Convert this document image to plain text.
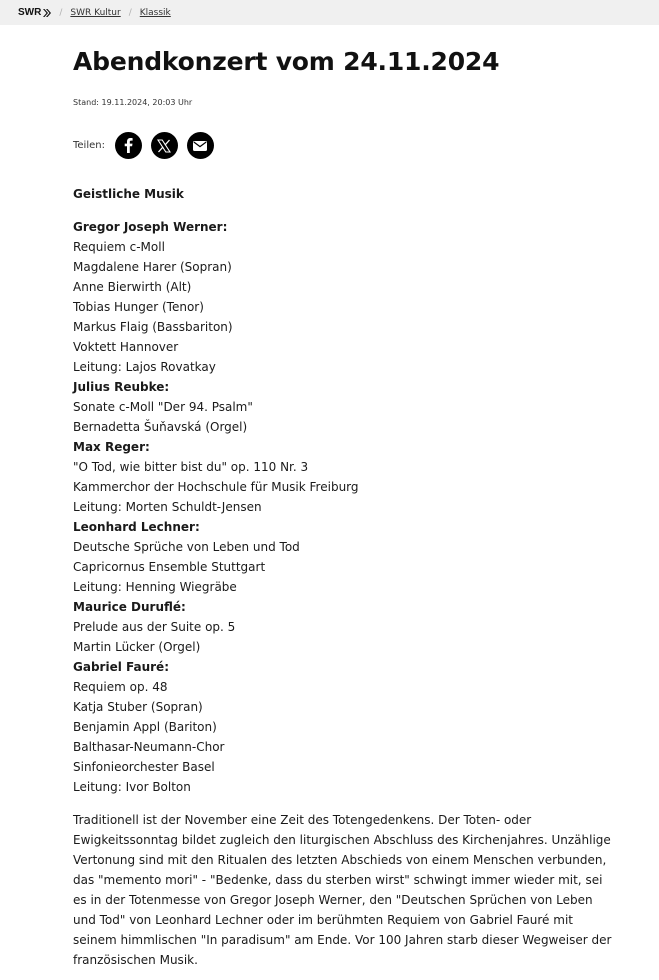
SWR / SWR Kultur / Klassik
Abendkonzert vom 24.11.2024
Stand: 19.11.2024, 20:03 Uhr
Teilen:
Geistliche Musik
Gregor Joseph Werner:
Requiem c-Moll
Magdalene Harer (Sopran)
Anne Bierwirth (Alt)
Tobias Hunger (Tenor)
Markus Flaig (Bassbariton)
Voktett Hannover
Leitung: Lajos Rovatkay
Julius Reubke:
Sonate c-Moll "Der 94. Psalm"
Bernadetta Šuňavská (Orgel)
Max Reger:
"O Tod, wie bitter bist du" op. 110 Nr. 3
Kammerchor der Hochschule für Musik Freiburg
Leitung: Morten Schuldt-Jensen
Leonhard Lechner:
Deutsche Sprüche von Leben und Tod
Capricornus Ensemble Stuttgart
Leitung: Henning Wiegräbe
Maurice Duruflé:
Prelude aus der Suite op. 5
Martin Lücker (Orgel)
Gabriel Fauré:
Requiem op. 48
Katja Stuber (Sopran)
Benjamin Appl (Bariton)
Balthasar-Neumann-Chor
Sinfonieorchester Basel
Leitung: Ivor Bolton

Traditionell ist der November eine Zeit des Totengedenkens. Der Toten- oder Ewigkeitssonntag bildet zugleich den liturgischen Abschluss des Kirchenjahres. Unzählige Vertonung sind mit den Ritualen des letzten Abschieds von einem Menschen verbunden, das "memento mori" - "Bedenke, dass du sterben wirst" schwingt immer wieder mit, sei es in der Totenmesse von Gregor Joseph Werner, den "Deutschen Sprüchen von Leben und Tod" von Leonhard Lechner oder im berühmten Requiem von Gabriel Fauré mit seinem himmlischen "In paradisum" am Ende. Vor 100 Jahren starb dieser Wegweiser der französischen Musik.
